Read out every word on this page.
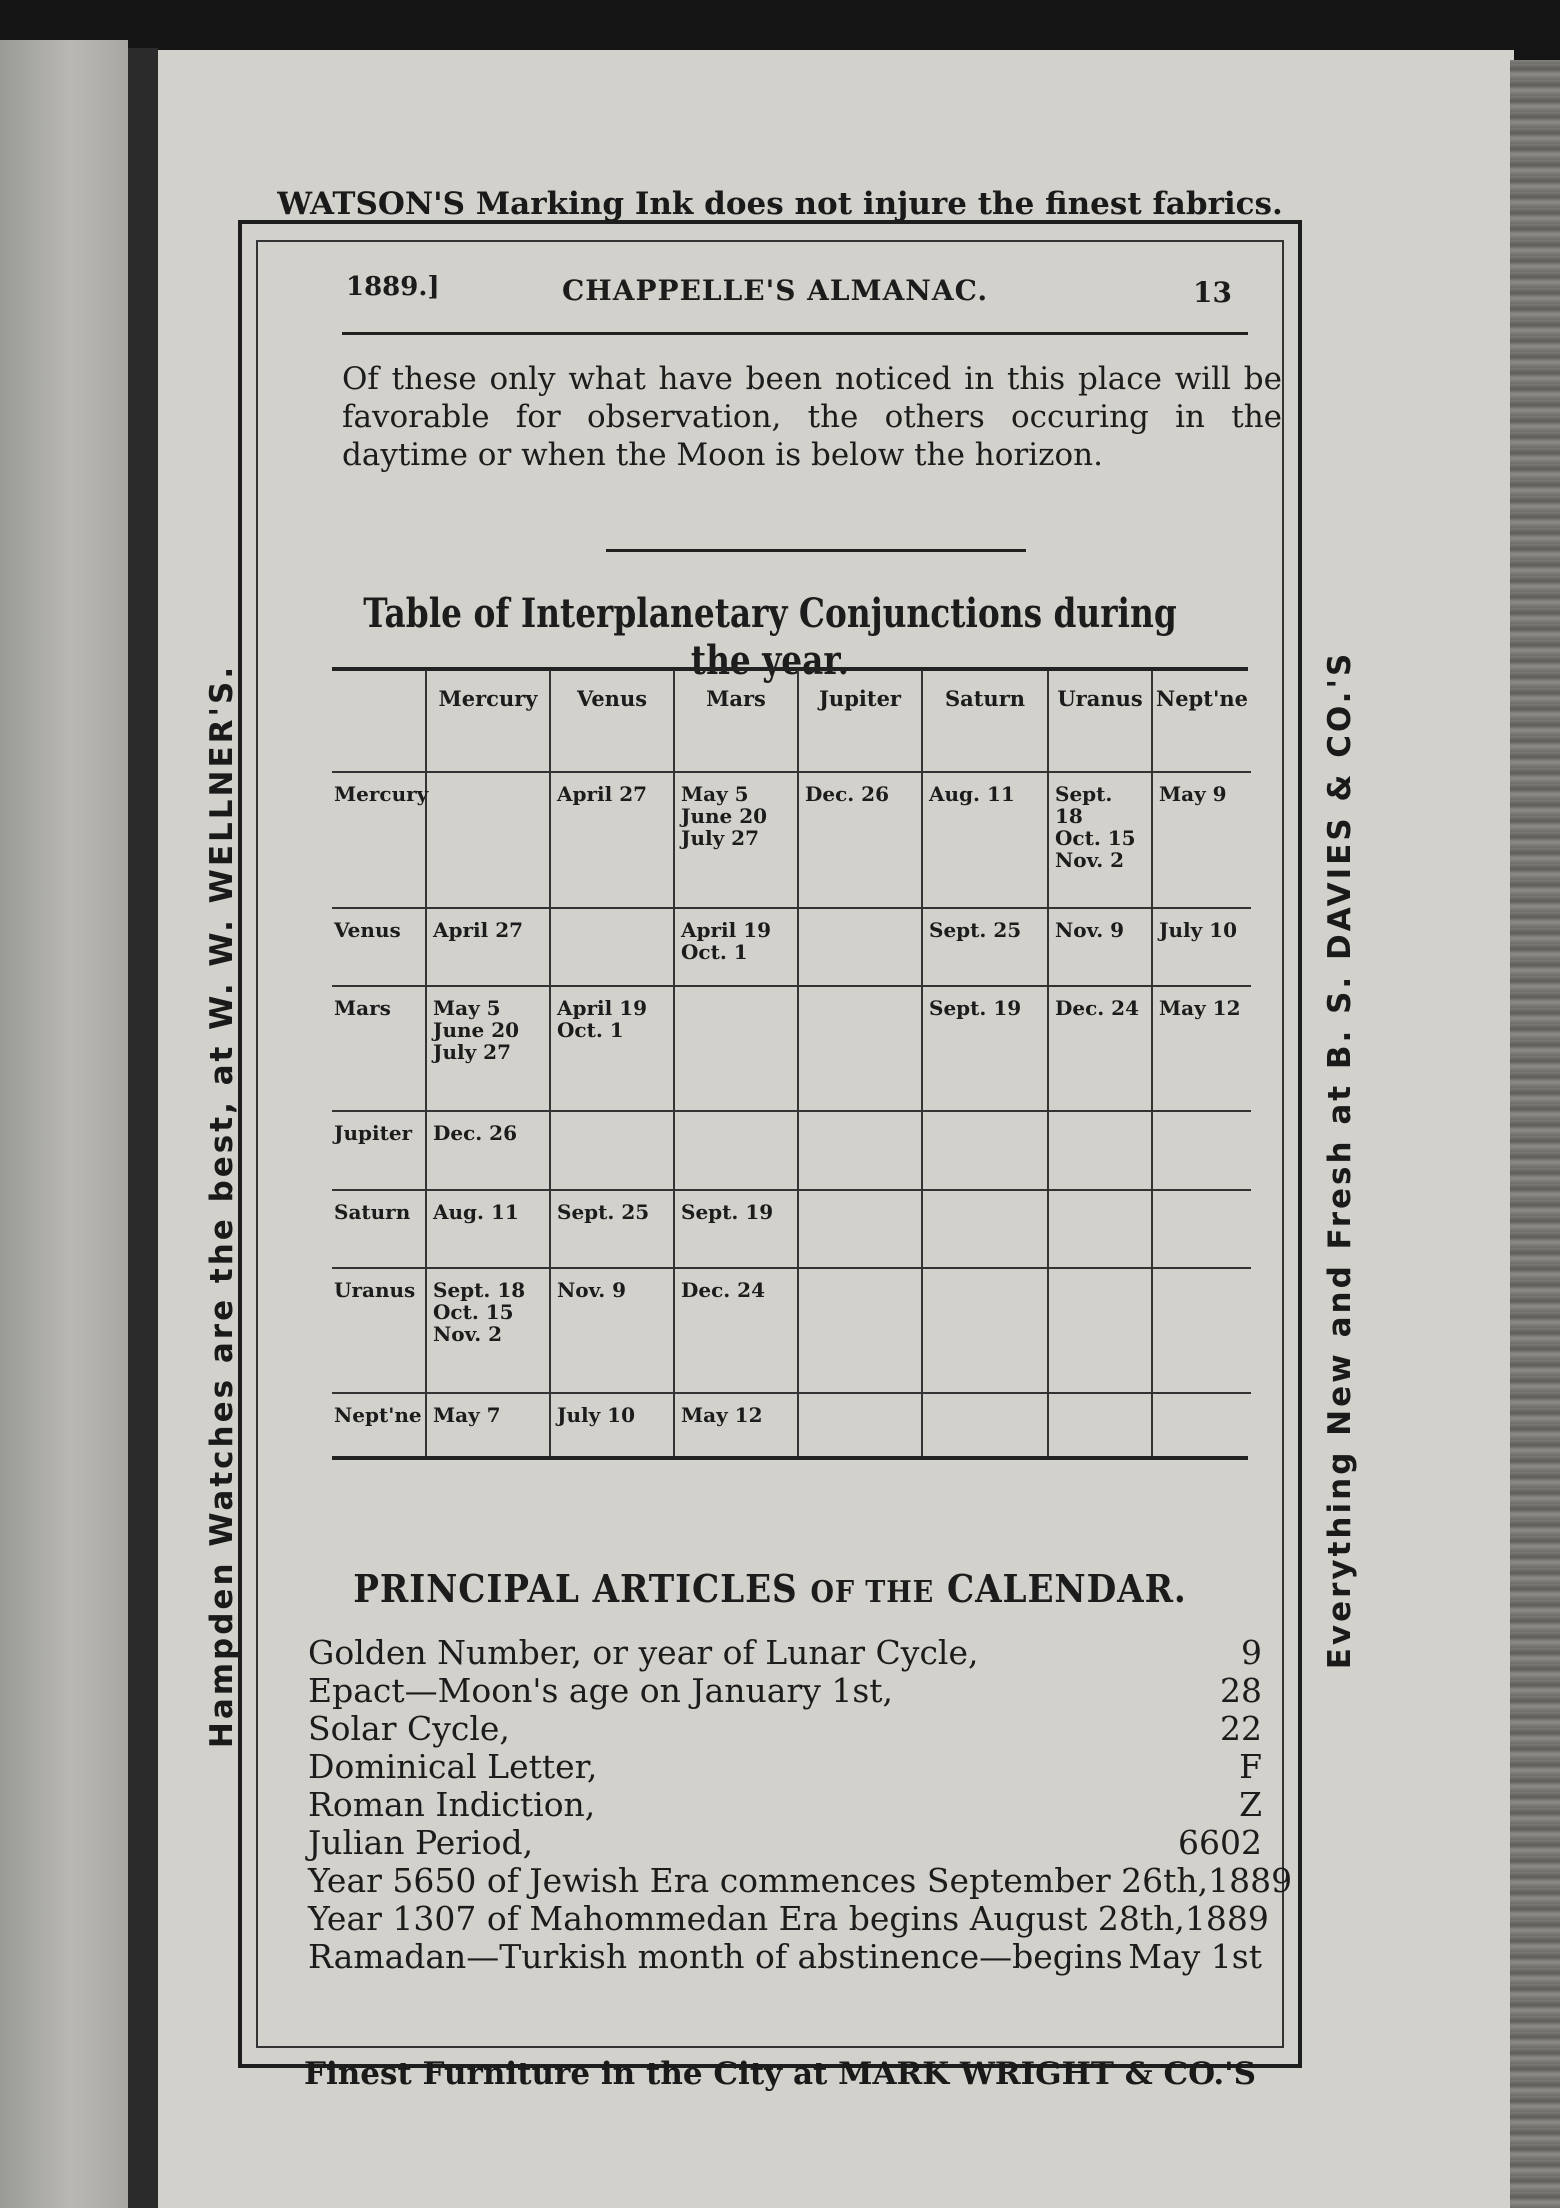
WATSON'S Marking Ink does not injure the finest fabrics.
Hampden Watches are the best, at W. W. WELLNER'S.	Everything New and Fresh at B. S. DAVIES & CO.'S
1889.]	CHAPPELLE'S ALMANAC.	13
Of these only what have been noticed in this place will be favorable for observation, the others occuring in the daytime or when the Moon is below the horizon.
Table of Interplanetary Conjunctions during the year.
	Mercury	Venus	Mars	Jupiter	Saturn	Uranus	Nept'ne
Mercury		April 27	May 5
June 20
July 27	Dec. 26	Aug. 11	Sept. 18
Oct. 15
Nov. 2	May 9
Venus	April 27		April 19
Oct. 1		Sept. 25	Nov. 9	July 10
Mars	May 5
June 20
July 27	April 19
Oct. 1			Sept. 19	Dec. 24	May 12
Jupiter	Dec. 26						
Saturn	Aug. 11	Sept. 25	Sept. 19				
Uranus	Sept. 18
Oct. 15
Nov. 2	Nov. 9	Dec. 24				
Nept'ne	May 7	July 10	May 12				
PRINCIPAL ARTICLES OF THE CALENDAR.
Golden Number, or year of Lunar Cycle,	9
Epact—Moon's age on January 1st,	28
Solar Cycle,	22
Dominical Letter,	F
Roman Indiction,	Z
Julian Period,	6602
Year 5650 of Jewish Era commences September 26th, 1889
Year 1307 of Mahommedan Era begins August 28th, 1889
Ramadan—Turkish month of abstinence—begins May 1st
Finest Furniture in the City at MARK WRIGHT & CO.'S
